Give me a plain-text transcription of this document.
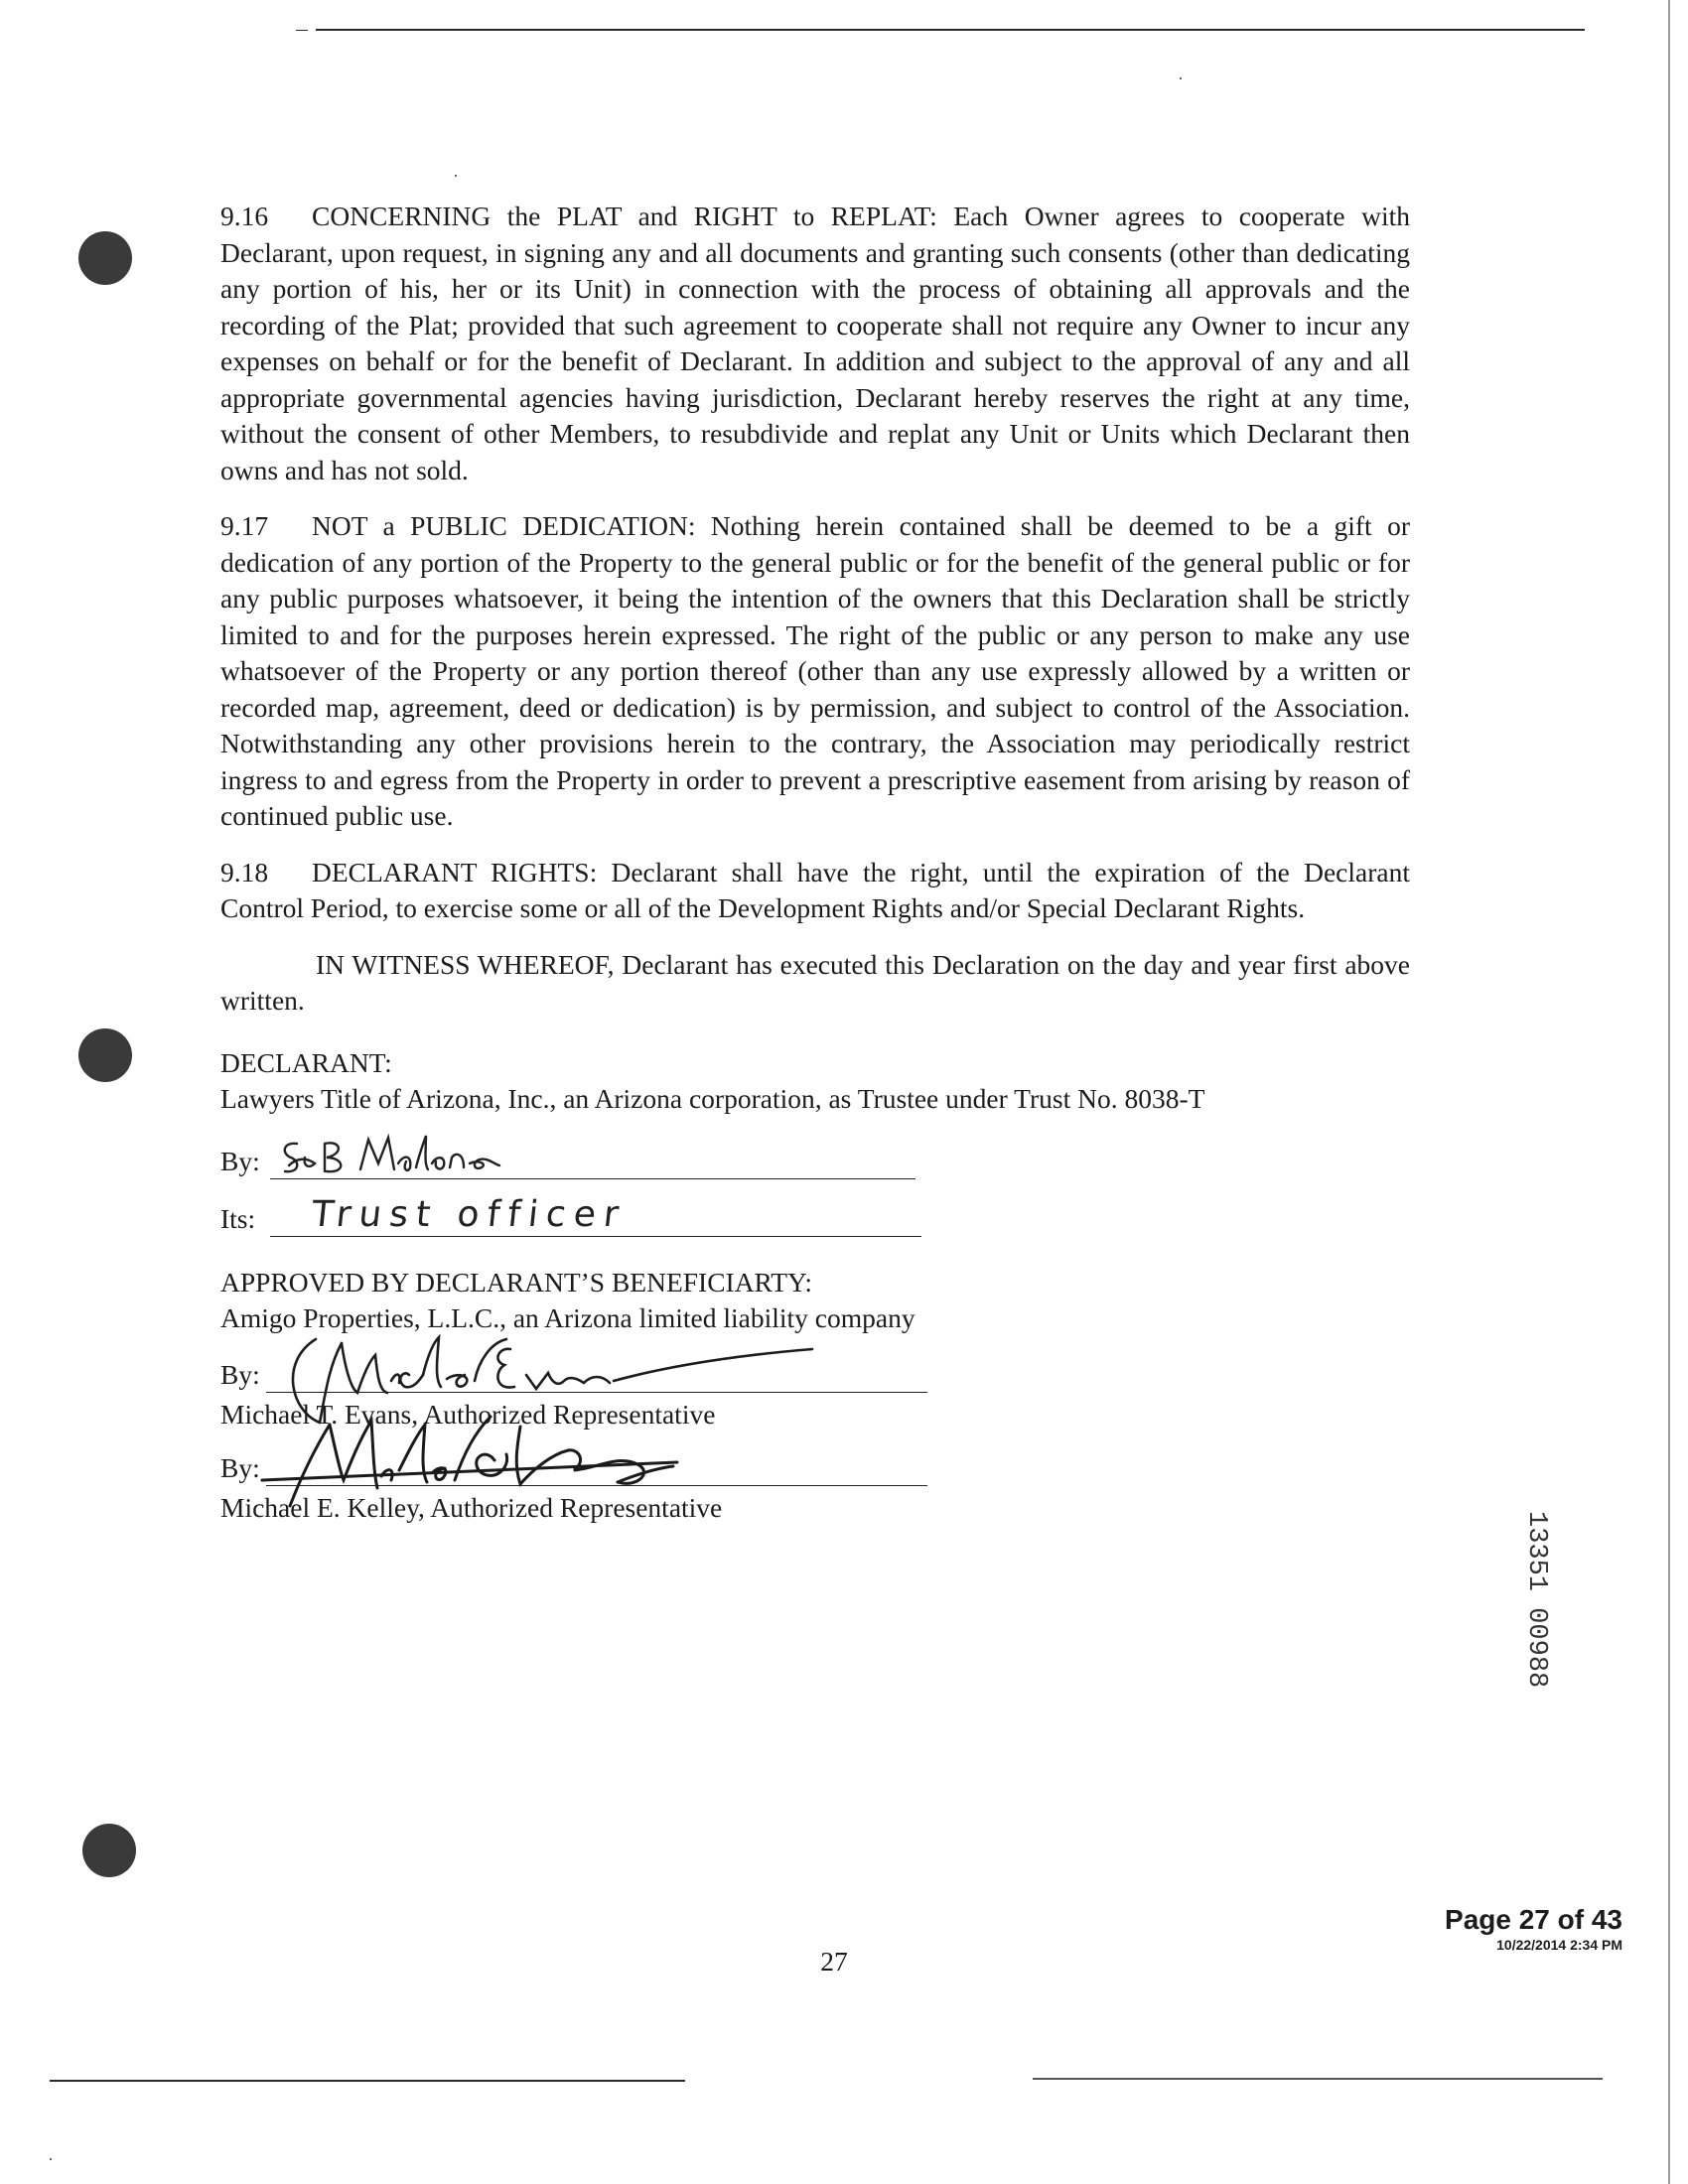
9.16 CONCERNING the PLAT and RIGHT to REPLAT: Each Owner agrees to cooperate with Declarant, upon request, in signing any and all documents and granting such consents (other than dedicating any portion of his, her or its Unit) in connection with the process of obtaining all approvals and the recording of the Plat; provided that such agreement to cooperate shall not require any Owner to incur any expenses on behalf or for the benefit of Declarant. In addition and subject to the approval of any and all appropriate governmental agencies having jurisdiction, Declarant hereby reserves the right at any time, without the consent of other Members, to resubdivide and replat any Unit or Units which Declarant then owns and has not sold.

9.17 NOT a PUBLIC DEDICATION: Nothing herein contained shall be deemed to be a gift or dedication of any portion of the Property to the general public or for the benefit of the general public or for any public purposes whatsoever, it being the intention of the owners that this Declaration shall be strictly limited to and for the purposes herein expressed. The right of the public or any person to make any use whatsoever of the Property or any portion thereof (other than any use expressly allowed by a written or recorded map, agreement, deed or dedication) is by permission, and subject to control of the Association. Notwithstanding any other provisions herein to the contrary, the Association may periodically restrict ingress to and egress from the Property in order to prevent a prescriptive easement from arising by reason of continued public use.

9.18 DECLARANT RIGHTS: Declarant shall have the right, until the expiration of the Declarant Control Period, to exercise some or all of the Development Rights and/or Special Declarant Rights.

IN WITNESS WHEREOF, Declarant has executed this Declaration on the day and year first above written.

DECLARANT:
Lawyers Title of Arizona, Inc., an Arizona corporation, as Trustee under Trust No. 8038-T
By:
Its: Trust officer
APPROVED BY DECLARANT’S BENEFICIARTY:
Amigo Properties, L.L.C., an Arizona limited liability company
By:
Michael T. Evans, Authorized Representative
By:
Michael E. Kelley, Authorized Representative
13351 00988
Page 27 of 43
10/22/2014 2:34 PM
27
